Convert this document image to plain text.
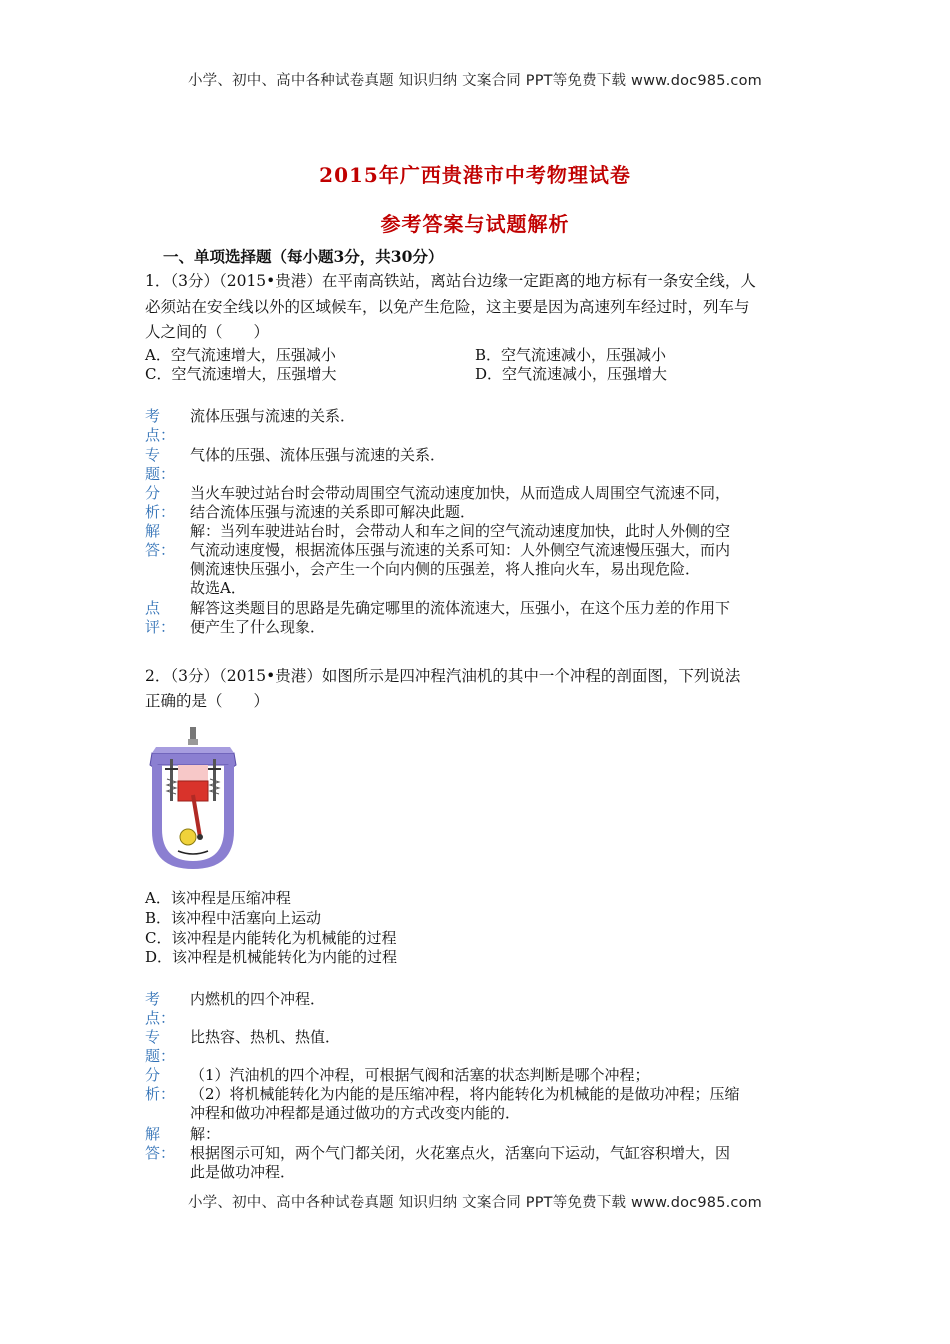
小学、初中、高中各种试卷真题 知识归纳 文案合同 PPT等免费下载 www.doc985.com
2015年广西贵港市中考物理试卷
参考答案与试题解析
一、单项选择题（每小题3分，共30分）
1．（3分）（2015•贵港）在平南高铁站，离站台边缘一定距离的地方标有一条安全线，人
必须站在安全线以外的区域候车，以免产生危险，这主要是因为高速列车经过时，列车与
人之间的（　　）
A．空气流速增大，压强减小	B．空气流速减小，压强减小
C．空气流速增大，压强增大	D．空气流速减小，压强增大
考
点：
流体压强与流速的关系．
专
题：
气体的压强、流体压强与流速的关系．
分
析：
当火车驶过站台时会带动周围空气流动速度加快，从而造成人周围空气流速不同，
结合流体压强与流速的关系即可解决此题．
解
答：
解：当列车驶进站台时，会带动人和车之间的空气流动速度加快，此时人外侧的空
气流动速度慢，根据流体压强与流速的关系可知：人外侧空气流速慢压强大，而内
侧流速快压强小，会产生一个向内侧的压强差，将人推向火车，易出现危险．
故选A．
点
评：
解答这类题目的思路是先确定哪里的流体流速大，压强小，在这个压力差的作用下
便产生了什么现象．
2．（3分）（2015•贵港）如图所示是四冲程汽油机的其中一个冲程的剖面图，下列说法
正确的是（　　）
A．该冲程是压缩冲程
B．该冲程中活塞向上运动
C．该冲程是内能转化为机械能的过程
D．该冲程是机械能转化为内能的过程
考
点：
内燃机的四个冲程．
专
题：
比热容、热机、热值．
分
析：
（1）汽油机的四个冲程，可根据气阀和活塞的状态判断是哪个冲程；
（2）将机械能转化为内能的是压缩冲程，将内能转化为机械能的是做功冲程；压缩
冲程和做功冲程都是通过做功的方式改变内能的．
解
答：
解：
根据图示可知，两个气门都关闭，火花塞点火，活塞向下运动，气缸容积增大，因
此是做功冲程．
小学、初中、高中各种试卷真题 知识归纳 文案合同 PPT等免费下载 www.doc985.com
